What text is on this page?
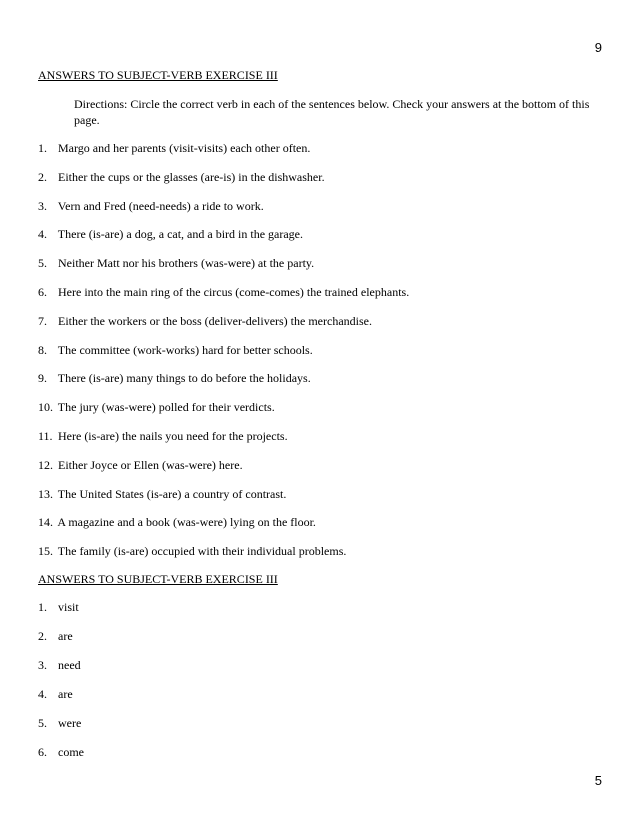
9
ANSWERS TO SUBJECT-VERB EXERCISE III
Directions: Circle the correct verb in each of the sentences below. Check your answers at the bottom of this page.
1. Margo and her parents (visit-visits) each other often.
2. Either the cups or the glasses (are-is) in the dishwasher.
3. Vern and Fred (need-needs) a ride to work.
4. There (is-are) a dog, a cat, and a bird in the garage.
5. Neither Matt nor his brothers (was-were) at the party.
6. Here into the main ring of the circus (come-comes) the trained elephants.
7. Either the workers or the boss (deliver-delivers) the merchandise.
8. The committee (work-works) hard for better schools.
9. There (is-are) many things to do before the holidays.
10. The jury (was-were) polled for their verdicts.
11. Here (is-are) the nails you need for the projects.
12. Either Joyce or Ellen (was-were) here.
13. The United States (is-are) a country of contrast.
14. A magazine and a book (was-were) lying on the floor.
15. The family (is-are) occupied with their individual problems.
ANSWERS TO SUBJECT-VERB EXERCISE III
1. visit
2. are
3. need
4. are
5. were
6. come
5
